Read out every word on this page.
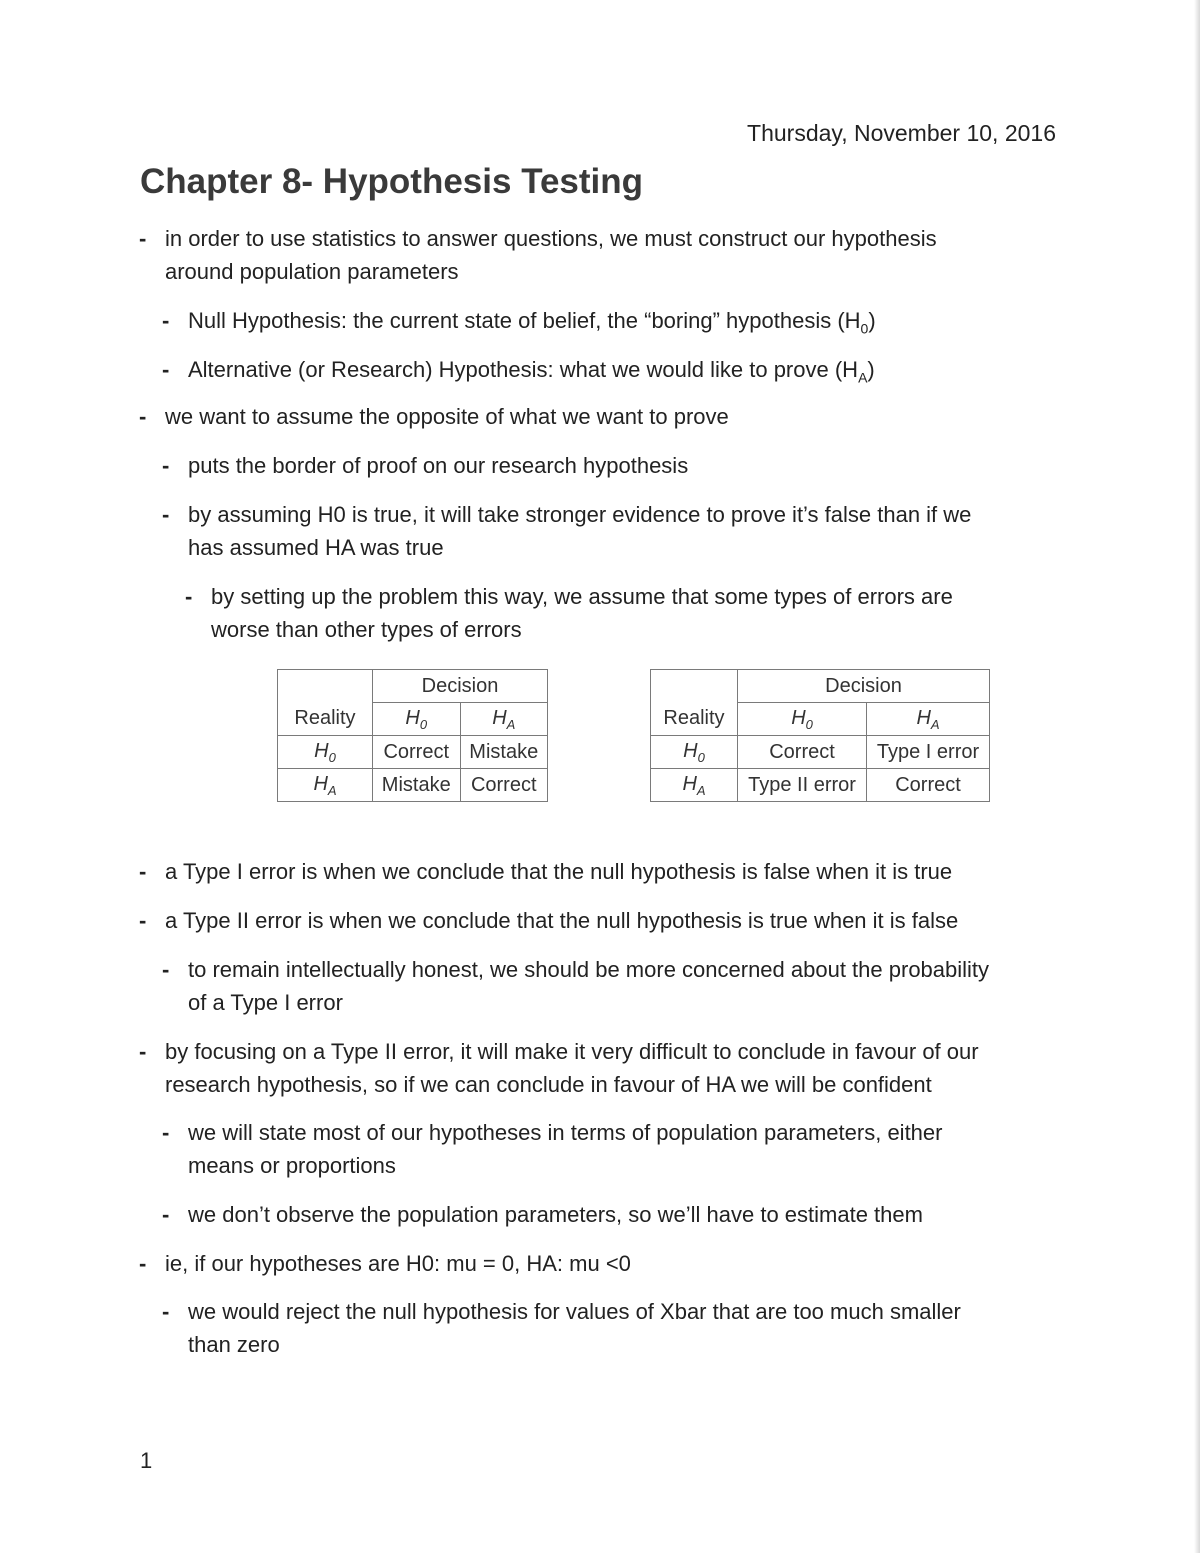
Thursday, November 10, 2016
Chapter 8- Hypothesis Testing
- in order to use statistics to answer questions, we must construct our hypothesis
around population parameters
- Null Hypothesis: the current state of belief, the “boring” hypothesis $(H_0)$
- Alternative (or Research) Hypothesis: what we would like to prove $(H_A)$
- we want to assume the opposite of what we want to prove
- puts the border of proof on our research hypothesis
- by assuming H0 is true, it will take stronger evidence to prove it’s false than if we
has assumed HA was true
- by setting up the problem this way, we assume that some types of errors are
worse than other types of errors
	Decision	
Reality	$H_0$	$H_A$
$H_0$	Correct	Mistake
$H_A$	Mistake	Correct
	Decision	
Reality	$H_0$	$H_A$
$H_0$	Correct	Type I error
$H_A$	Type II error	Correct
- a Type I error is when we conclude that the null hypothesis is false when it is true
- a Type II error is when we conclude that the null hypothesis is true when it is false
- to remain intellectually honest, we should be more concerned about the probability
of a Type I error
- by focusing on a Type II error, it will make it very difficult to conclude in favour of our
research hypothesis, so if we can conclude in favour of HA we will be confident
- we will state most of our hypotheses in terms of population parameters, either
means or proportions
- we don’t observe the population parameters, so we’ll have to estimate them
- ie, if our hypotheses are H0: mu = 0, HA: mu <0
- we would reject the null hypothesis for values of Xbar that are too much smaller
than zero
1
